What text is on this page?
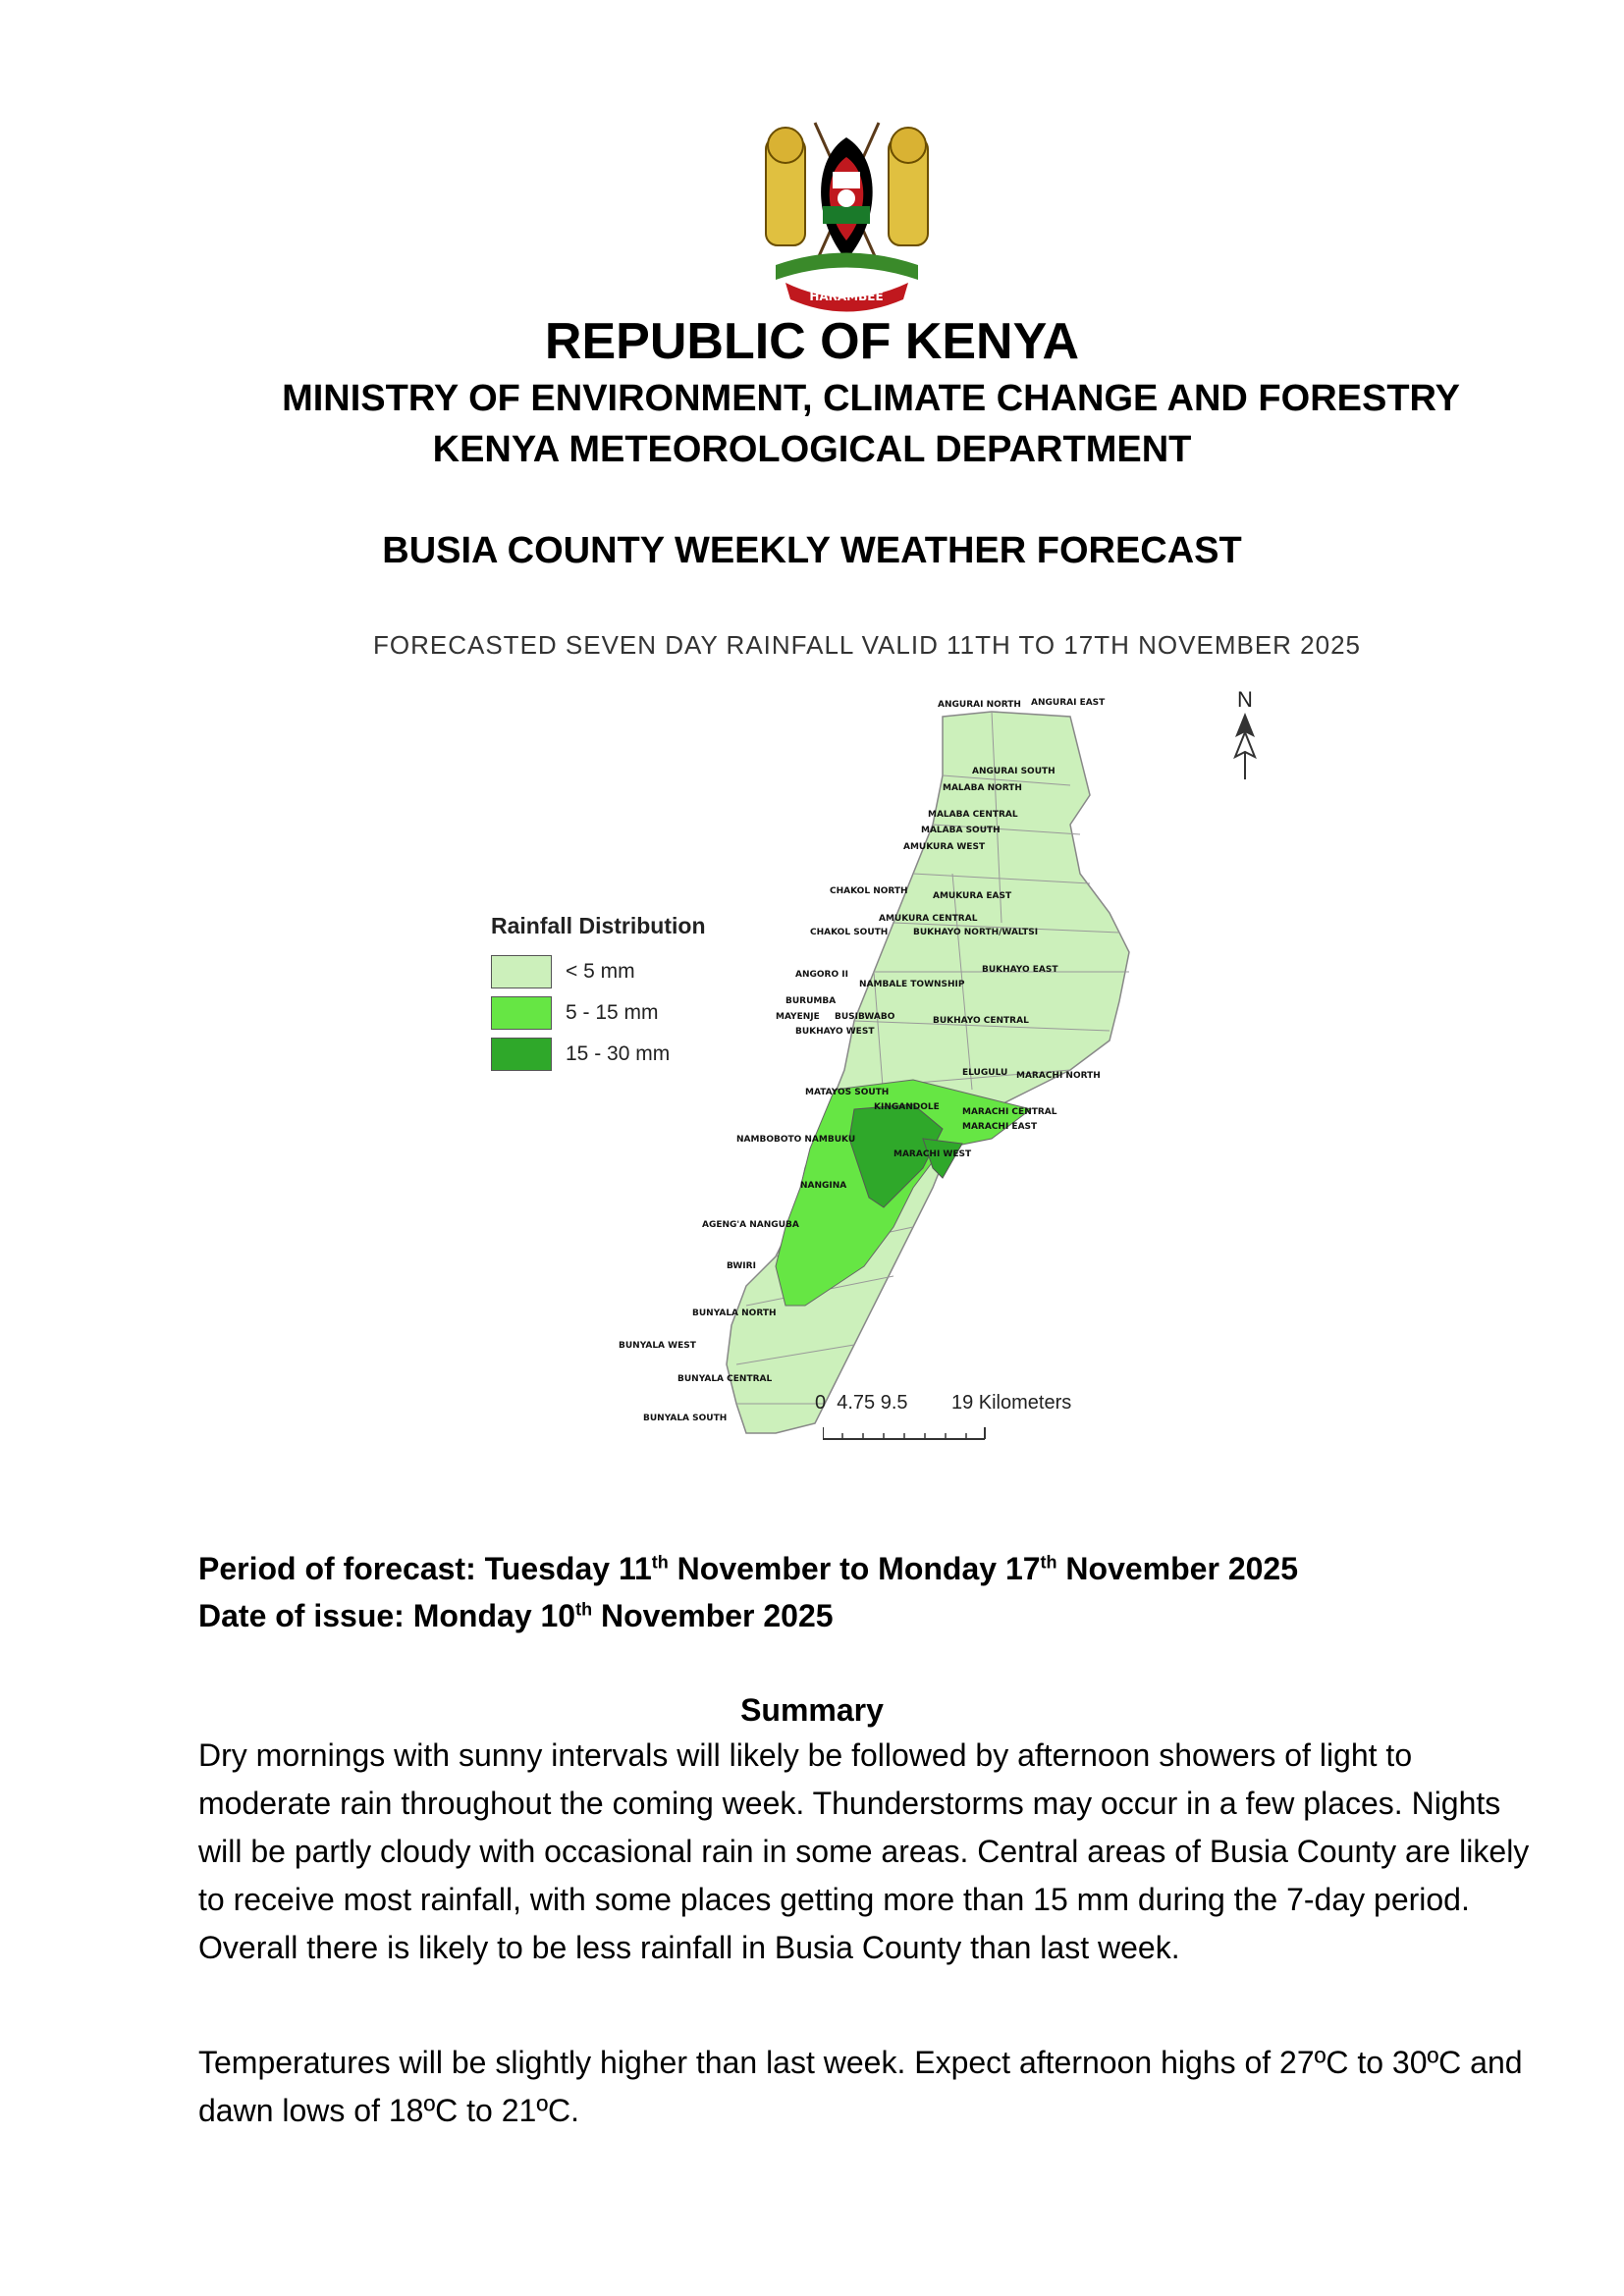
HARAMBEE
REPUBLIC OF KENYA
MINISTRY OF ENVIRONMENT, CLIMATE CHANGE AND FORESTRY
KENYA METEOROLOGICAL DEPARTMENT
BUSIA COUNTY WEEKLY WEATHER FORECAST
FORECASTED SEVEN DAY RAINFALL VALID 11TH TO 17TH NOVEMBER 2025
ANGURAI NORTH ANGURAI EAST
ANGURAI SOUTH
MALABA NORTH
MALABA CENTRAL
MALABA SOUTH
AMUKURA WEST
CHAKOL NORTH	AMUKURA EAST
AMUKURA CENTRAL
CHAKOL SOUTH	BUKHAYO NORTH/WALTSI
ANGORO II
NAMBALE TOWNSHIP
BUKHAYO EAST
BURUMBA
MAYENJE BUSIBWABO	BUKHAYO CENTRAL
BUKHAYO WEST
ELUGULU MARACHI NORTH
MATAYOS SOUTH
KINGANDOLE	MARACHI CENTRAL
MARACHI EAST
NAMBOBOTO NAMBUKU
MARACHI WEST
NANGINA
AGENG'A NANGUBA
BWIRI
BUNYALA NORTH
BUNYALA WEST
BUNYALA CENTRAL
BUNYALA SOUTH
N
Rainfall Distribution
< 5 mm
5 - 15 mm
15 - 30 mm
0  4.75 9.5        19 Kilometers
Period of forecast: Tuesday 11th November to Monday 17th November 2025
Date of issue: Monday 10th November 2025
Summary
Dry mornings with sunny intervals will likely be followed by afternoon showers of light to moderate rain throughout the coming week. Thunderstorms may occur in a few places. Nights will be partly cloudy with occasional rain in some areas. Central areas of Busia County are likely to receive most rainfall, with some places getting more than 15 mm during the 7-day period. Overall there is likely to be less rainfall in Busia County than last week.
Temperatures will be slightly higher than last week. Expect afternoon highs of 27ºC to 30ºC and dawn lows of 18ºC to 21ºC.
